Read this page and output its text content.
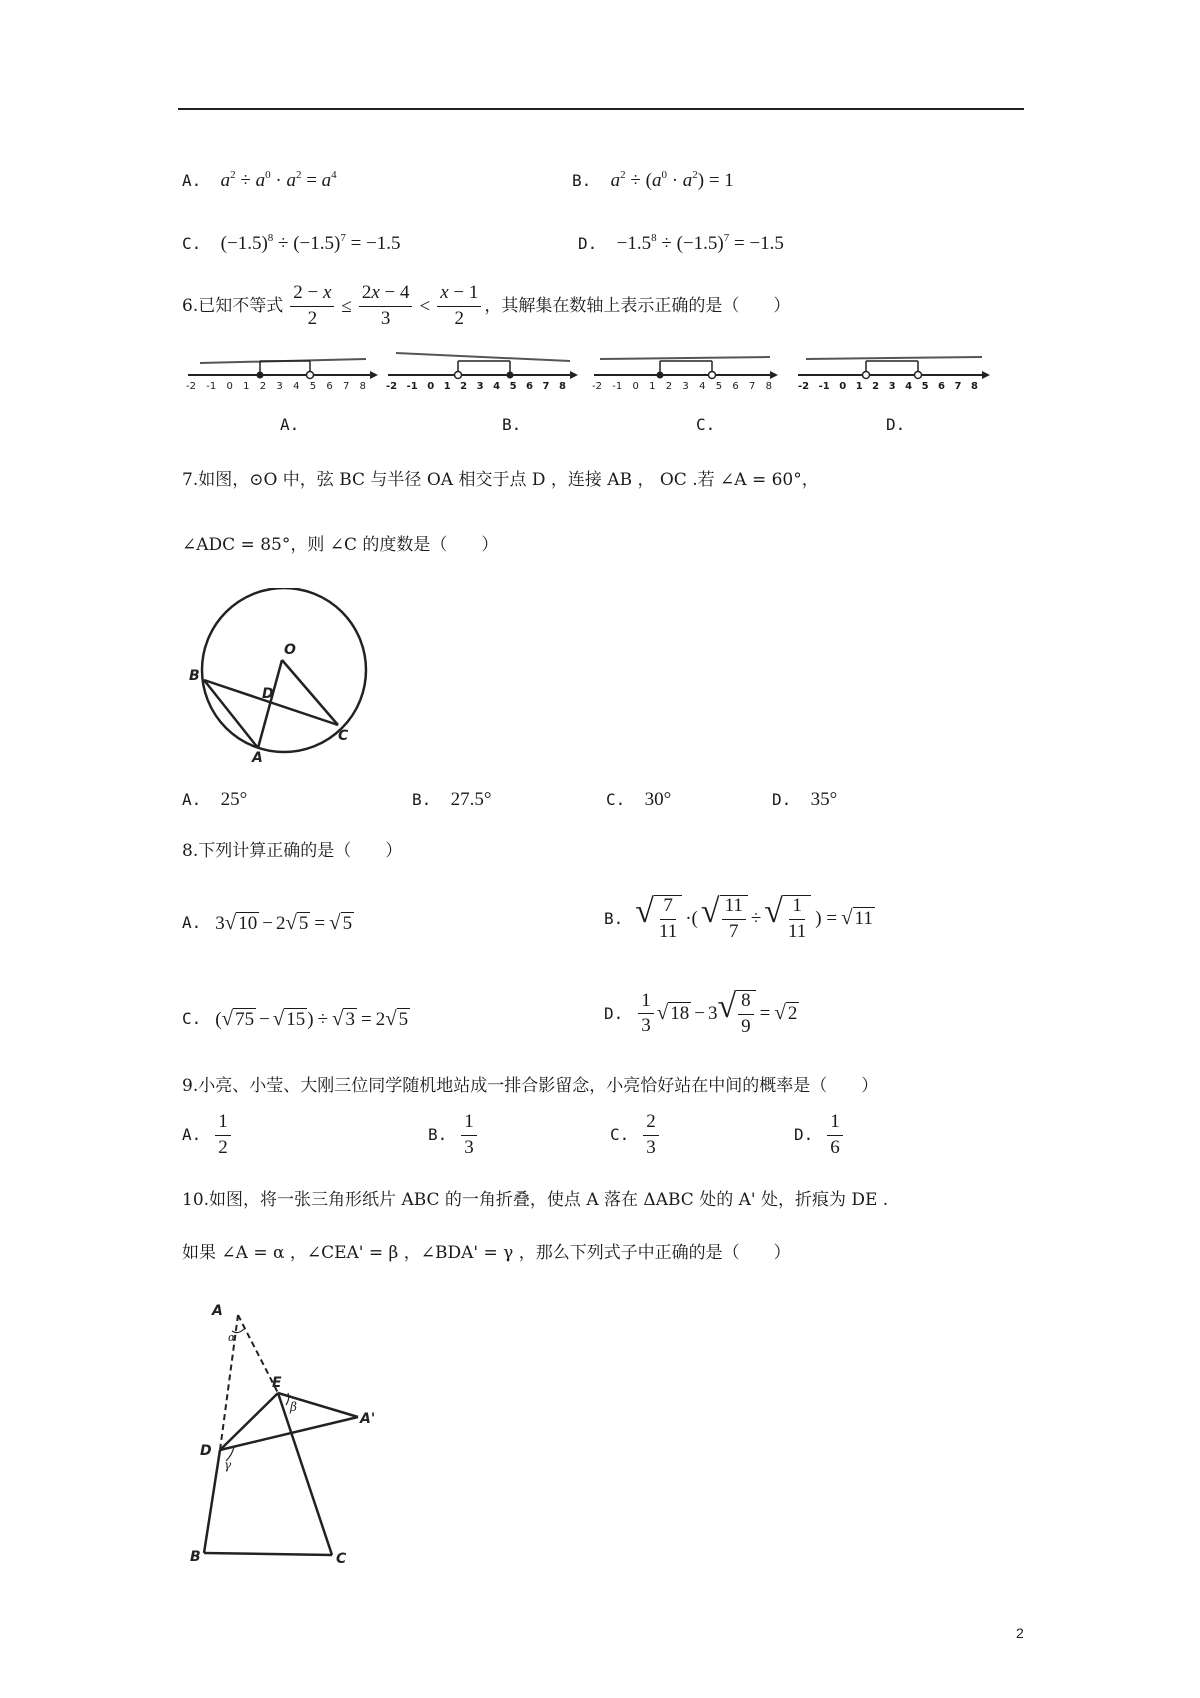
A. $a^2 \div a^0 \cdot a^2 = a^4$	B. $a^2 \div (a^0 \cdot a^2) = 1$
C. $(-1.5)^8 \div (-1.5)^7 = -1.5$	D. $-1.5^8 \div (-1.5)^7 = -1.5$
6.已知不等式 $\frac{2 - x}{2} \le \frac{2x - 4}{3} < \frac{x - 1}{2}$ ，其解集在数轴上表示正确的是（　　）
-2 -1 0 1 2 3 4 5 6 7 8 -2 -1 0 1 2 3 4 5 6 7 8	-2 -1 0 1 2 3 4 5 6 7 8	-2 -1 0 1 2 3 4 5 6 7 8
A.	B.	C.	D.
7.如图，⊙O 中，弦 BC 与半径 OA 相交于点 D ，连接 AB ， OC .若 ∠A = 60°，
∠ADC = 85°，则 ∠C 的度数是（　　）
O
B
D
A
C
A. 25°	B. 27.5°	C. 30°	D. 35°
8.下列计算正确的是（　　）
A. 3 √ 10 − 2 √ 5 = √ 5	B. √ $\frac{7}{11}$ ·( √ $\frac{11}{7}$ ÷ √ $\frac{1}{11}$ ) = √ 11
C. ( √ 75 − √ 15 ) ÷ √ 3 = 2 √ 5	D. $\frac{1}{3}$ √ 18 − 3 √ $\frac{8}{9}$ = √ 2
9.小亮、小莹、大刚三位同学随机地站成一排合影留念，小亮恰好站在中间的概率是（　　）
A. $\frac{1}{2}$	B. $\frac{1}{3}$	C. $\frac{2}{3}$	D. $\frac{1}{6}$
10.如图，将一张三角形纸片 ABC 的一角折叠，使点 A 落在 ΔABC 处的 A' 处，折痕为 DE .
如果 ∠A = α ，∠CEA' = β ，∠BDA' = γ ，那么下列式子中正确的是（　　）
A
α
E
β
A'
D
γ
B	C
2
